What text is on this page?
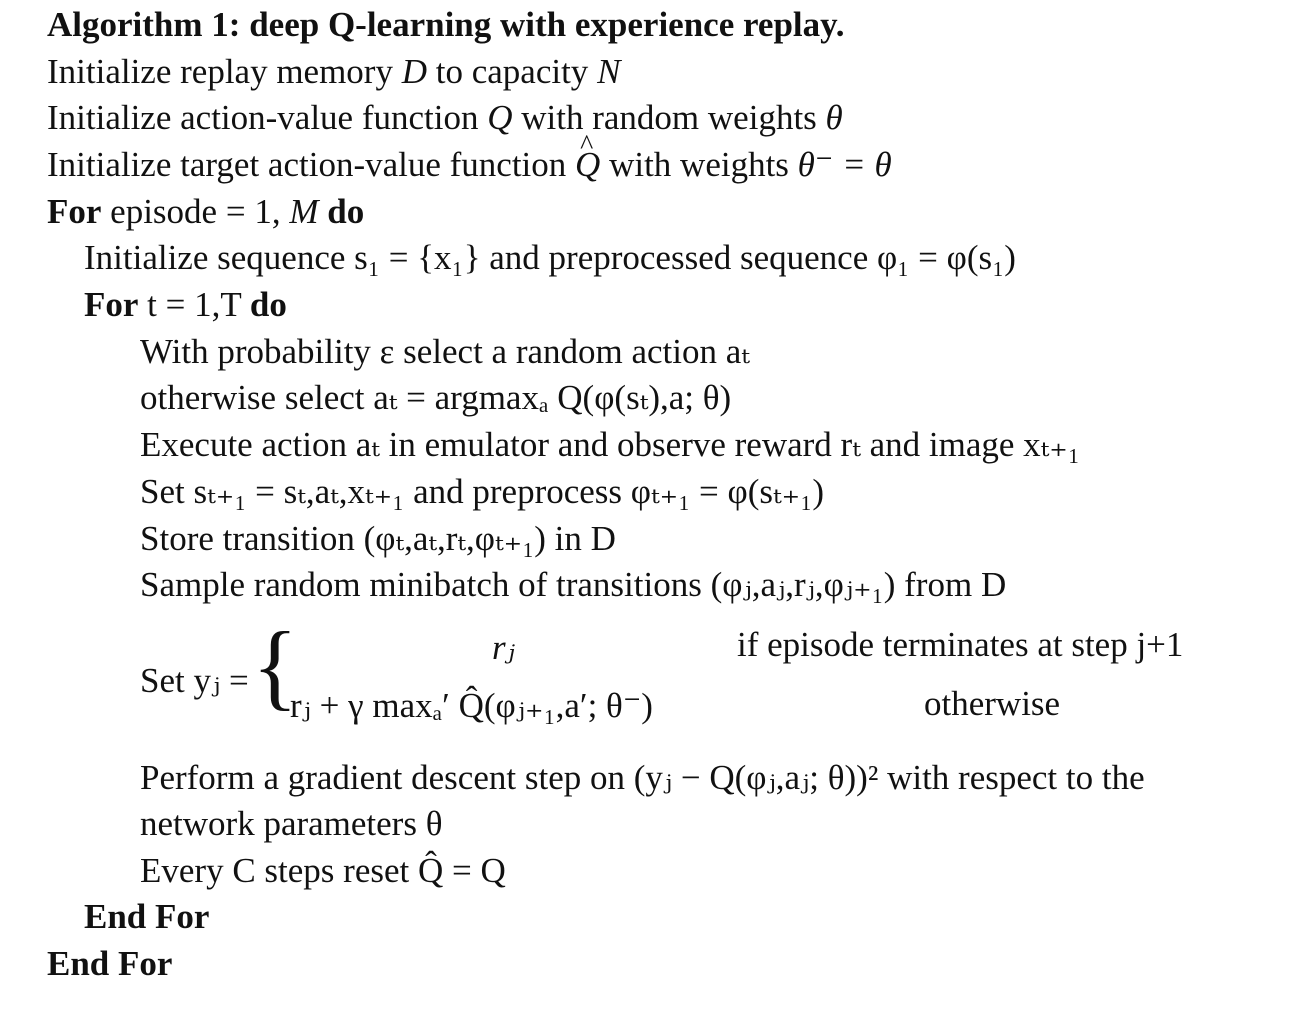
Algorithm 1: deep Q-learning with experience replay.
Initialize replay memory D to capacity N
Initialize action-value function Q with random weights θ
Initialize target action-value function ^ Q with weights θ⁻ = θ
For episode = 1, M do
Initialize sequence s₁ = {x₁} and preprocessed sequence φ₁ = φ(s₁)
For t = 1,T do
With probability ε select a random action aₜ
otherwise select aₜ = argmaxₐ Q(φ(sₜ),a; θ)
Execute action aₜ in emulator and observe reward rₜ and image xₜ₊₁
Set sₜ₊₁ = sₜ,aₜ,xₜ₊₁ and preprocess φₜ₊₁ = φ(sₜ₊₁)
Store transition (φₜ,aₜ,rₜ,φₜ₊₁) in D
Sample random minibatch of transitions (φⱼ,aⱼ,rⱼ,φⱼ₊₁) from D
Set yⱼ = {	rⱼ	if episode terminates at step j+1
rⱼ + γ maxₐ′ Q̂(φⱼ₊₁,a′; θ⁻)	otherwise
Perform a gradient descent step on (yⱼ − Q(φⱼ,aⱼ; θ))² with respect to the
network parameters θ
Every C steps reset Q̂ = Q
End For
End For
